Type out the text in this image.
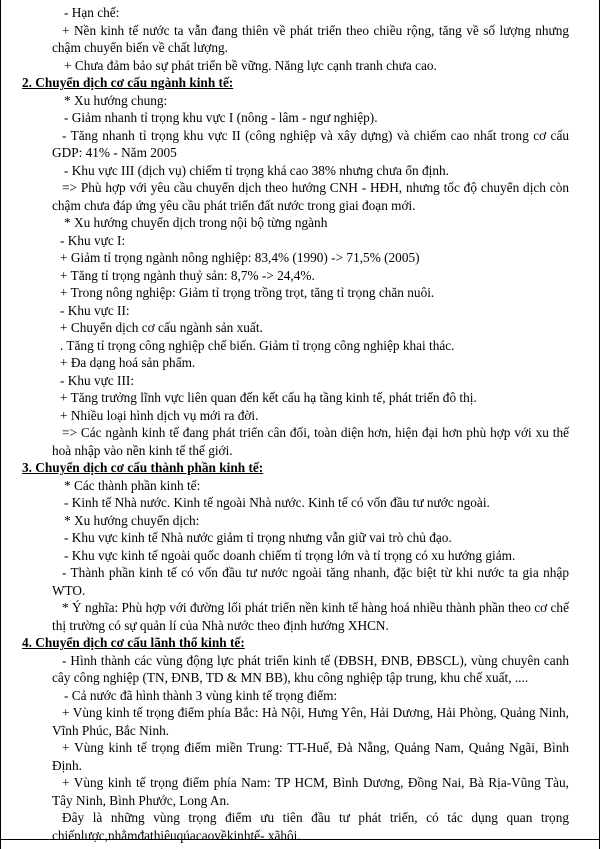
- Hạn chế:

+ Nền kinh tế nước ta vẫn đang thiên về phát triển theo chiều rộng, tăng về số lượng nhưng chậm chuyển biến về chất lượng.

+ Chưa đảm bảo sự phát triển bề vững. Năng lực cạnh tranh chưa cao.

2. Chuyển dịch cơ cấu ngành kinh tế:

* Xu hướng chung:

- Giảm nhanh tỉ trọng khu vực I (nông - lâm - ngư nghiệp).

- Tăng nhanh tỉ trọng khu vực II (công nghiệp và xây dựng) và chiếm cao nhất trong cơ cấu GDP: 41% - Năm 2005

- Khu vực III (dịch vụ) chiếm tỉ trọng khá cao 38% nhưng chưa ổn định.

=> Phù hợp với yêu cầu chuyển dịch theo hướng CNH - HĐH, nhưng tốc độ chuyển dịch còn chậm chưa đáp ứng yêu cầu phát triển đất nước trong giai đoạn mới.

* Xu hướng chuyển dịch trong nội bộ từng ngành

- Khu vực I:

+ Giảm tỉ trọng ngành nông nghiệp: 83,4% (1990) -> 71,5% (2005)

+ Tăng tỉ trọng ngành thuỷ sản: 8,7% -> 24,4%.

+ Trong nông nghiệp: Giảm tỉ trọng trồng trọt, tăng tỉ trọng chăn nuôi.

- Khu vực II:

+ Chuyển dịch cơ cấu ngành sản xuất.

. Tăng tỉ trọng công nghiệp chế biến. Giảm tỉ trọng công nghiệp khai thác.

+ Đa dạng hoá sản phẩm.

- Khu vực III:

+ Tăng trưởng lĩnh vực liên quan đến kết cấu hạ tầng kinh tế, phát triển đô thị.

+ Nhiều loại hình dịch vụ mới ra đời.

=> Các ngành kinh tế đang phát triển cân đối, toàn diện hơn, hiện đại hơn phù hợp với xu thế hoà nhập vào nền kinh tế thế giới.

3. Chuyển dịch cơ cấu thành phần kinh tế:

* Các thành phần kinh tế:

- Kinh tế Nhà nước. Kinh tế ngoài Nhà nước. Kinh tế có vốn đầu tư nước ngoài.

* Xu hướng chuyển dịch:

- Khu vực kinh tế Nhà nước giảm tỉ trọng nhưng vẫn giữ vai trò chủ đạo.

- Khu vực kinh tế ngoài quốc doanh chiếm tỉ trọng lớn và tỉ trọng có xu hướng giảm.

- Thành phần kinh tế có vốn đầu tư nước ngoài tăng nhanh, đặc biệt từ khi nước ta gia nhập WTO.

* Ý nghĩa: Phù hợp với đường lối phát triển nền kinh tế hàng hoá nhiều thành phần theo cơ chế thị trường có sự quản lí của Nhà nước theo định hướng XHCN.

4. Chuyển dịch cơ cấu lãnh thổ kinh tế:

- Hình thành các vùng động lực phát triển kinh tế (ĐBSH, ĐNB, ĐBSCL), vùng chuyên canh cây công nghiệp (TN, ĐNB, TD & MN BB), khu công nghiệp tập trung, khu chế xuất, ....

- Cả nước đã hình thành 3 vùng kinh tế trọng điểm:

+ Vùng kinh tế trọng điểm phía Bắc: Hà Nội, Hưng Yên, Hải Dương, Hải Phòng, Quảng Ninh, Vĩnh Phúc, Bắc Ninh.

+ Vùng kinh tế trọng điểm miền Trung: TT-Huế, Đà Nẵng, Quảng Nam, Quảng Ngãi, Bình Định.

+ Vùng kinh tế trọng điểm phía Nam: TP HCM, Bình Dương, Đồng Nai, Bà Rịa-Vũng Tàu, Tây Ninh, Bình Phước, Long An.

Đây là những vùng trọng điểm ưu tiên đầu tư phát triển, có tác dụng quan trọng chiếnlược,nhằmđathiêuqúacaovềkinhtế- xãhôi.
